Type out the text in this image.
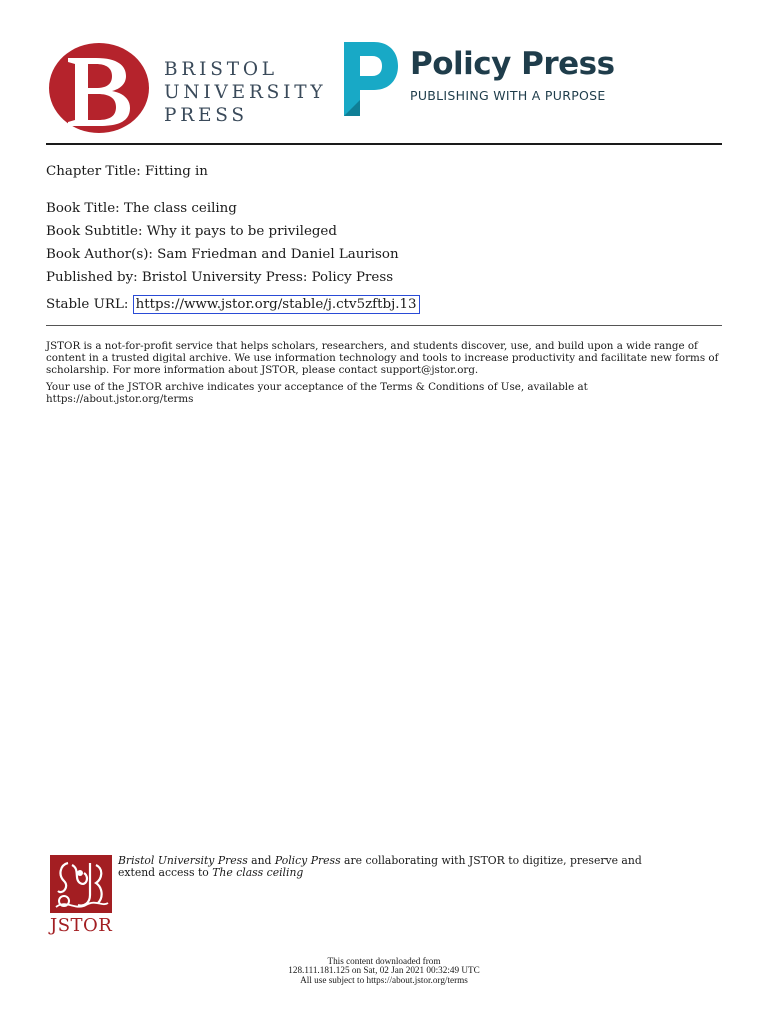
BRISTOL
UNIVERSITY
PRESS
Policy Press
PUBLISHING WITH A PURPOSE
Chapter Title: Fitting in
Book Title: The class ceiling
Book Subtitle: Why it pays to be privileged
Book Author(s): Sam Friedman and Daniel Laurison
Published by: Bristol University Press: Policy Press
Stable URL: https://www.jstor.org/stable/j.ctv5zftbj.13
JSTOR is a not-for-profit service that helps scholars, researchers, and students discover, use, and build upon a wide range of content in a trusted digital archive. We use information technology and tools to increase productivity and facilitate new forms of scholarship. For more information about JSTOR, please contact support@jstor.org.
Your use of the JSTOR archive indicates your acceptance of the Terms & Conditions of Use, available at https://about.jstor.org/terms
JSTOR
Bristol University Press and Policy Press are collaborating with JSTOR to digitize, preserve and extend access to The class ceiling
This content downloaded from
128.111.181.125 on Sat, 02 Jan 2021 00:32:49 UTC
All use subject to https://about.jstor.org/terms
